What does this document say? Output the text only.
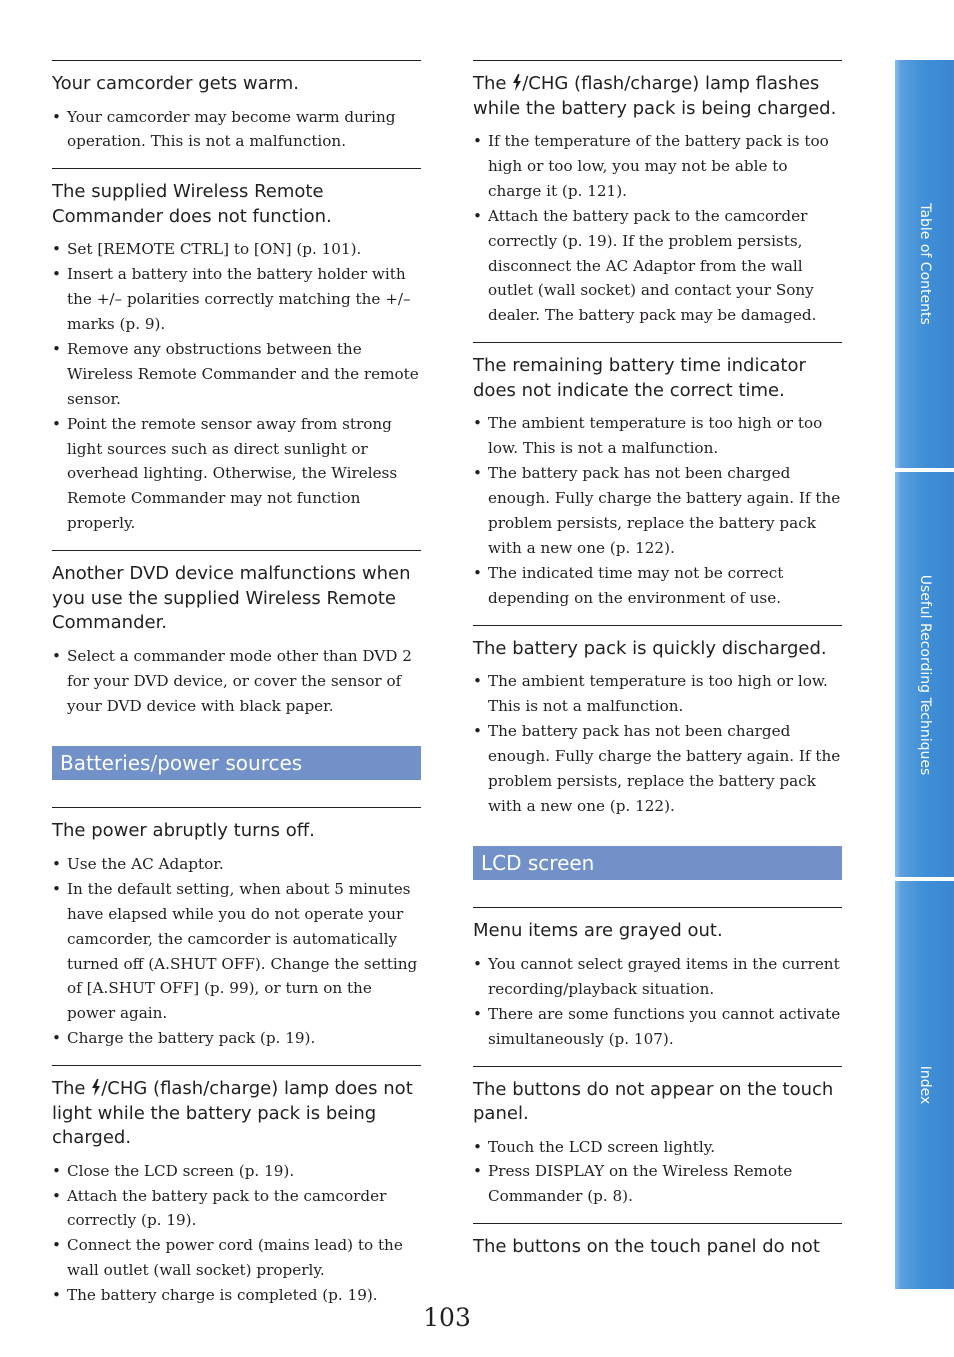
Your camcorder gets warm.
• Your camcorder may become warm during operation. This is not a malfunction.
The supplied Wireless Remote Commander does not function.
• Set [REMOTE CTRL] to [ON] (p. 101).
• Insert a battery into the battery holder with the +/– polarities correctly matching the +/– marks (p. 9).
• Remove any obstructions between the Wireless Remote Commander and the remote sensor.
• Point the remote sensor away from strong light sources such as direct sunlight or overhead lighting. Otherwise, the Wireless Remote Commander may not function properly.
Another DVD device malfunctions when you use the supplied Wireless Remote Commander.
• Select a commander mode other than DVD 2 for your DVD device, or cover the sensor of your DVD device with black paper.
Batteries/power sources
The power abruptly turns off.
• Use the AC Adaptor.
• In the default setting, when about 5 minutes have elapsed while you do not operate your camcorder, the camcorder is automatically turned off (A.SHUT OFF). Change the setting of [A.SHUT OFF] (p. 99), or turn on the power again.
• Charge the battery pack (p. 19).
The /CHG (flash/charge) lamp does not light while the battery pack is being charged.
• Close the LCD screen (p. 19).
• Attach the battery pack to the camcorder correctly (p. 19).
• Connect the power cord (mains lead) to the wall outlet (wall socket) properly.
• The battery charge is completed (p. 19).
The /CHG (flash/charge) lamp flashes while the battery pack is being charged.
• If the temperature of the battery pack is too high or too low, you may not be able to charge it (p. 121).
• Attach the battery pack to the camcorder correctly (p. 19). If the problem persists, disconnect the AC Adaptor from the wall outlet (wall socket) and contact your Sony dealer. The battery pack may be damaged.
The remaining battery time indicator does not indicate the correct time.
• The ambient temperature is too high or too low. This is not a malfunction.
• The battery pack has not been charged enough. Fully charge the battery again. If the problem persists, replace the battery pack with a new one (p. 122).
• The indicated time may not be correct depending on the environment of use.
The battery pack is quickly discharged.
• The ambient temperature is too high or low. This is not a malfunction.
• The battery pack has not been charged enough. Fully charge the battery again. If the problem persists, replace the battery pack with a new one (p. 122).
LCD screen
Menu items are grayed out.
• You cannot select grayed items in the current recording/playback situation.
• There are some functions you cannot activate simultaneously (p. 107).
The buttons do not appear on the touch panel.
• Touch the LCD screen lightly.
• Press DISPLAY on the Wireless Remote Commander (p. 8).
The buttons on the touch panel do not
Table of Contents
Useful Recording Techniques
Index
103
